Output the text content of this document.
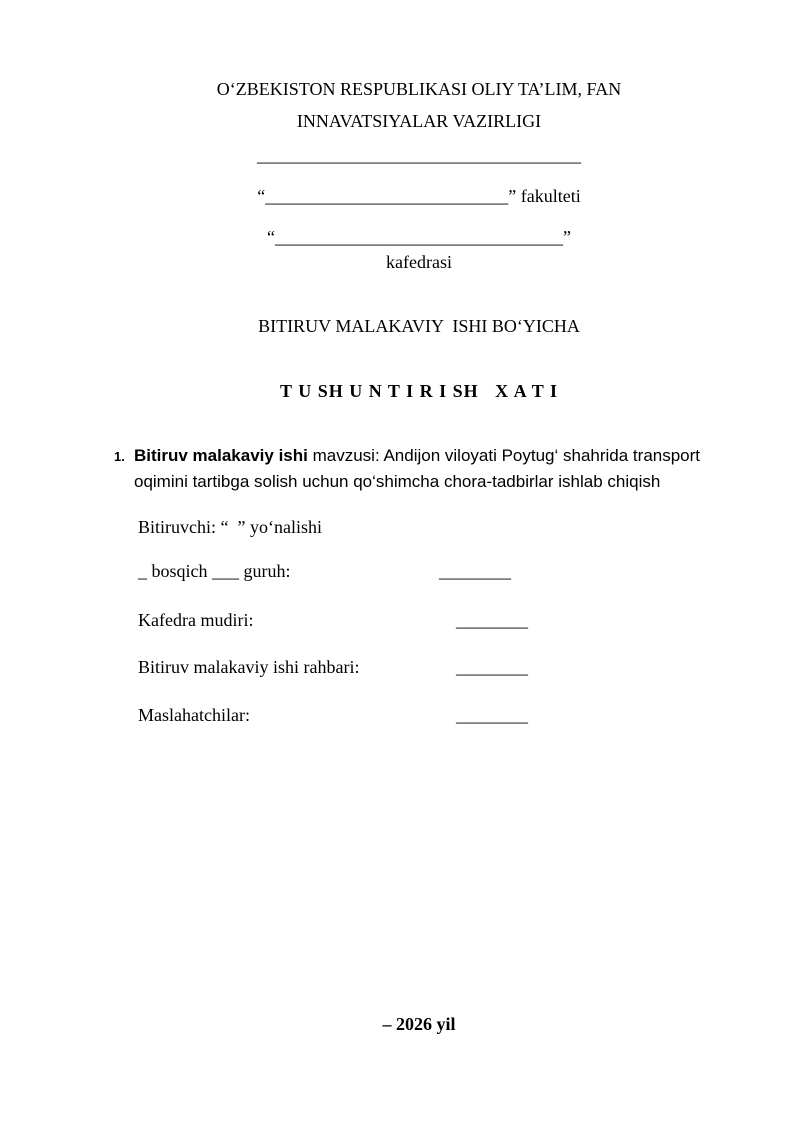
O‘ZBEKISTON RESPUBLIKASI OLIY TA’LIM, FAN
INNAVATSIYALAR VAZIRLIGI
____________________________________
“___________________________” fakulteti
“________________________________”
kafedrasi
BITIRUV MALAKAVIY  ISHI BO‘YICHA
T U SH U N T I R I SH   X A T I
1. Bitiruv malakaviy ishi mavzusi: Andijon viloyati Poytug‘ shahrida transport
oqimini tartibga solish uchun qo‘shimcha chora-tadbirlar ishlab chiqish
Bitiruvchi: “  ” yo‘nalishi
_ bosqich ___ guruh:	________
Kafedra mudiri:	________
Bitiruv malakaviy ishi rahbari:	________
Maslahatchilar:	________
– 2026 yil
